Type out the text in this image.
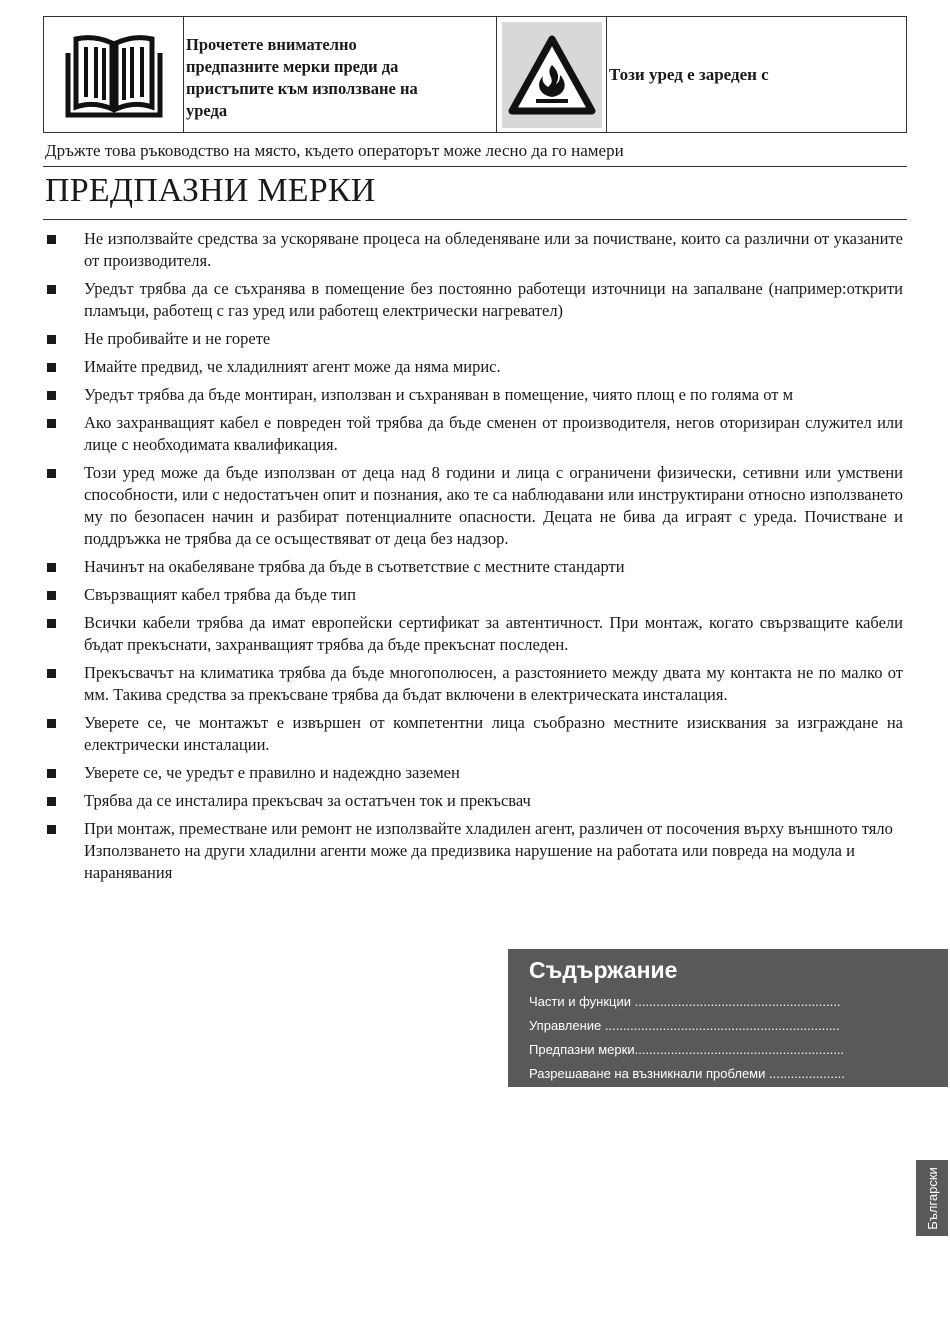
Прочетете внимателно
предпазните мерки преди да
пристъпите към използване на
уреда
Този уред е зареден с
Дръжте това ръководство на място, където операторът може лесно да го намери
ПРЕДПАЗНИ МЕРКИ
Не използвайте средства за ускоряване процеса на обледеняване или за почистване, които са различни от указаните от производителя.
Уредът трябва да се съхранява в помещение без постоянно работещи източници на запалване (например:открити пламъци, работещ с газ уред или работещ електрически нагревател)
Не пробивайте и не горете
Имайте предвид, че хладилният агент може да няма мирис.
Уредът трябва да бъде монтиран, използван и съхраняван в помещение, чиято площ е по голяма от м
Ако захранващият кабел е повреден той трябва да бъде сменен от производителя, негов оторизиран служител или лице с необходимата квалификация.
Този уред може да бъде използван от деца над 8 години и лица с ограничени физически, сетивни или умствени способности, или с недостатъчен опит и познания, ако те са наблюдавани или инструктирани относно използването му по безопасен начин и разбират потенциалните опасности. Децата не бива да играят с уреда. Почистване и поддръжка не трябва да се осъществяват от деца без надзор.
Начинът на окабеляване трябва да бъде в съответствие с местните стандарти
Свързващият кабел трябва да бъде тип
Всички кабели трябва да имат европейски сертификат за автентичност. При монтаж, когато свързващите кабели бъдат прекъснати, захранващият трябва да бъде прекъснат последен.
Прекъсвачът на климатика трябва да бъде многополюсен, а разстоянието между двата му контакта не по малко от мм. Такива средства за прекъсване трябва да бъдат включени в електрическата инсталация.
Уверете се, че монтажът е извършен от компетентни лица съобразно местните изисквания за изграждане на електрически инсталации.
Уверете се, че уредът е правилно и надеждно заземен
Трябва да се инсталира прекъсвач за остатъчен ток и прекъсвач
При монтаж, преместване или ремонт не използвайте хладилен агент, различен от посочения върху външното тяло Използването на други хладилни агенти може да предизвика нарушение на работата или повреда на модула и наранявания
Съдържание
Части и функции .........................................................
Управление .................................................................
Предпазни мерки..........................................................
Разрешаване на възникнали проблеми .....................
Български
